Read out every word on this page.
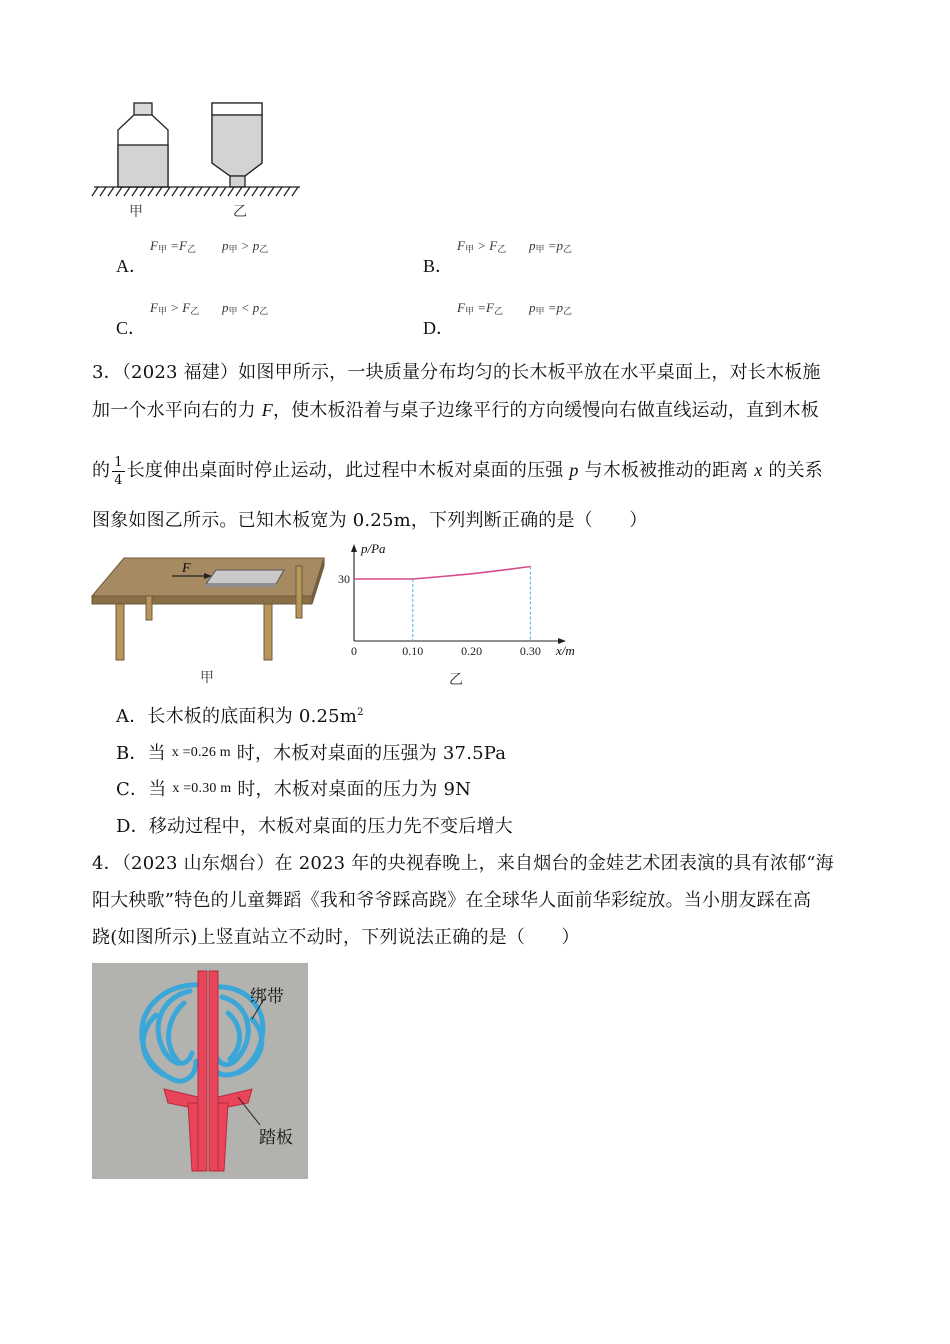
甲	乙
A．
$F_甲 =F_乙$ $p_甲 > p_乙$
B．
$F_甲 > F_乙$ $p_甲 =p_乙$
C．
$F_甲 > F_乙$ $p_甲 < p_乙$
D．
$F_甲 =F_乙$ $p_甲 =p_乙$
3．（2023 福建）如图甲所示，一块质量分布均匀的长木板平放在水平桌面上，对长木板施
加一个水平向右的力 F，使木板沿着与桌子边缘平行的方向缓慢向右做直线运动，直到木板
的 $\frac{1}{4}$ 长度伸出桌面时停止运动，此过程中木板对桌面的压强 p 与木板被推动的距离 x 的关系
图象如图乙所示。已知木板宽为 0.25m，下列判断正确的是（　　）
F
甲
0	0.10	0.20	0.30
30
p/Pa
x/m
乙
A．长木板的底面积为 $0.25m^2$
B．当 x =0.26 m 时，木板对桌面的压强为 37.5Pa
C．当 x =0.30 m 时，木板对桌面的压力为 9N
D．移动过程中，木板对桌面的压力先不变后增大
4．（2023 山东烟台）在 2023 年的央视春晚上，来自烟台的金娃艺术团表演的具有浓郁“海
阳大秧歌”特色的儿童舞蹈《我和爷爷踩高跷》在全球华人面前华彩绽放。当小朋友踩在高
跷(如图所示)上竖直站立不动时，下列说法正确的是（　　）
绑带
踏板
